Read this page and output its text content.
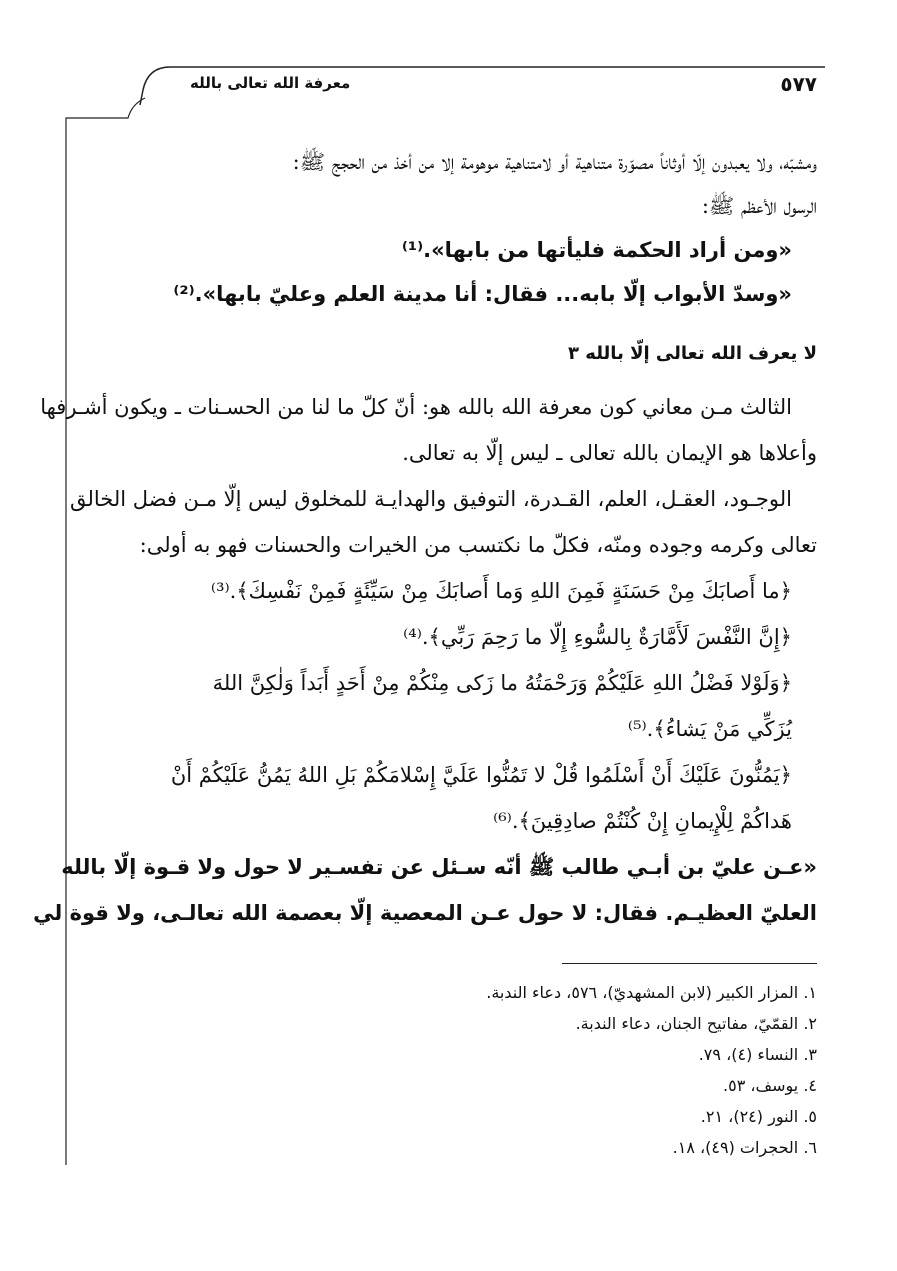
معرفة الله تعالى بالله	٥٧٧
ومشبّه، ولا يعبدون إلّا أوثاناً مصوّرة متناهية أو لامتناهية موهومة إلا من أخذ من الحجج ﷺ:
الرسول الأعظم ﷺ:
«ومن أراد الحكمة فليأتها من بابها».⁽¹⁾
«وسدّ الأبواب إلّا بابه... فقال: أنا مدينة العلم وعليّ بابها».⁽²⁾
الثالث مـن معاني كون معرفة الله بالله هو: أنّ كلّ ما لنا من الحسـنات ـ ويكون أشـرفها
وأعلاها هو الإيمان بالله تعالى ـ ليس إلّا به تعالى.
الوجـود، العقـل، العلم، القـدرة، التوفيق والهدايـة للمخلوق ليس إلّا مـن فضل الخالق
تعالى وكرمه وجوده ومنّه، فكلّ ما نكتسب من الخيرات والحسنات فهو به أولى:
﴿ما أَصابَكَ مِنْ حَسَنَةٍ فَمِنَ اللهِ وَما أَصابَكَ مِنْ سَيِّئَةٍ فَمِنْ نَفْسِكَ﴾.⁽³⁾
﴿إِنَّ النَّفْسَ لَأَمَّارَةٌ بِالسُّوءِ إِلّا ما رَحِمَ رَبِّي﴾.⁽⁴⁾
﴿وَلَوْلا فَضْلُ اللهِ عَلَيْكُمْ وَرَحْمَتُهُ ما زَكى مِنْكُمْ مِنْ أَحَدٍ أَبَداً وَلٰكِنَّ اللهَ
يُزَكِّي مَنْ يَشاءُ﴾.⁽⁵⁾
﴿يَمُنُّونَ عَلَيْكَ أَنْ أَسْلَمُوا قُلْ لا تَمُنُّوا عَلَيَّ إِسْلامَكُمْ بَلِ اللهُ يَمُنُّ عَلَيْكُمْ أَنْ
هَداكُمْ لِلْإِيمانِ إِنْ كُنْتُمْ صادِقِينَ﴾.⁽⁶⁾
«عـن عليّ بن أبـي طالب ﷺ أنّه سـئل عن تفسـير لا حول ولا قـوة إلّا بالله
العليّ العظيـم. فقال: لا حول عـن المعصية إلّا بعصمة الله تعالـى، ولا قوة لي
لا يعرف الله تعالى إلّا بالله ٣
١. المزار الكبير (لابن المشهديّ)، ٥٧٦، دعاء الندبة.
٢. القمّيّ، مفاتيح الجنان، دعاء الندبة.
٣. النساء (٤)، ٧٩.
٤. يوسف، ٥٣.
٥. النور (٢٤)، ٢١.
٦. الحجرات (٤٩)، ١٨.
